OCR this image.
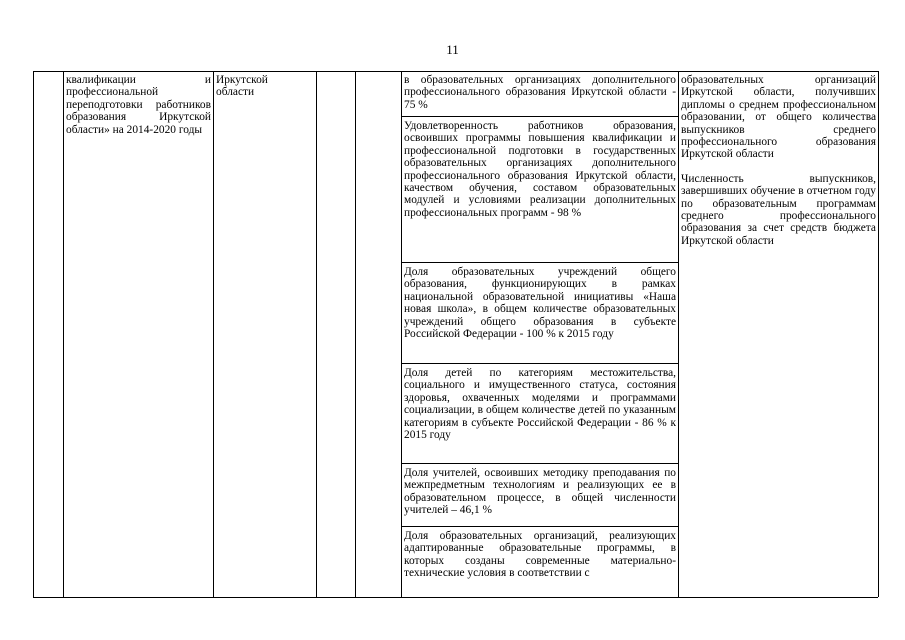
11
квалификации и профессиональной переподготовки работников образования Иркутской области» на 2014-2020 годы
Иркутской области
в образовательных организациях дополнительного профессионального образования Иркутской области - 75 %
Удовлетворенность работников образования, освоивших программы повышения квалификации и профессиональной подготовки в государственных образовательных организациях дополнительного профессионального образования Иркутской области, качеством обучения, составом образовательных модулей и условиями реализации дополнительных профессиональных программ - 98 %
Доля образовательных учреждений общего образования, функционирующих в рамках национальной образовательной инициативы «Наша новая школа», в общем количестве образовательных учреждений общего образования в субъекте Российской Федерации - 100 % к 2015 году
Доля детей по категориям местожительства, социального и имущественного статуса, состояния здоровья, охваченных моделями и программами социализации, в общем количестве детей по указанным категориям в субъекте Российской Федерации - 86 % к 2015 году
Доля учителей, освоивших методику преподавания по межпредметным технологиям и реализующих ее в образовательном процессе, в общей численности учителей – 46,1 %
Доля образовательных организаций, реализующих адаптированные образовательные программы, в которых созданы современные материально-технические условия в соответствии с
образовательных организаций Иркутской области, получивших дипломы о среднем профессиональном образовании, от общего количества выпускников среднего профессионального образования Иркутской области
Численность выпускников, завершивших обучение в отчетном году по образовательным программам среднего профессионального образования за счет средств бюджета Иркутской области
